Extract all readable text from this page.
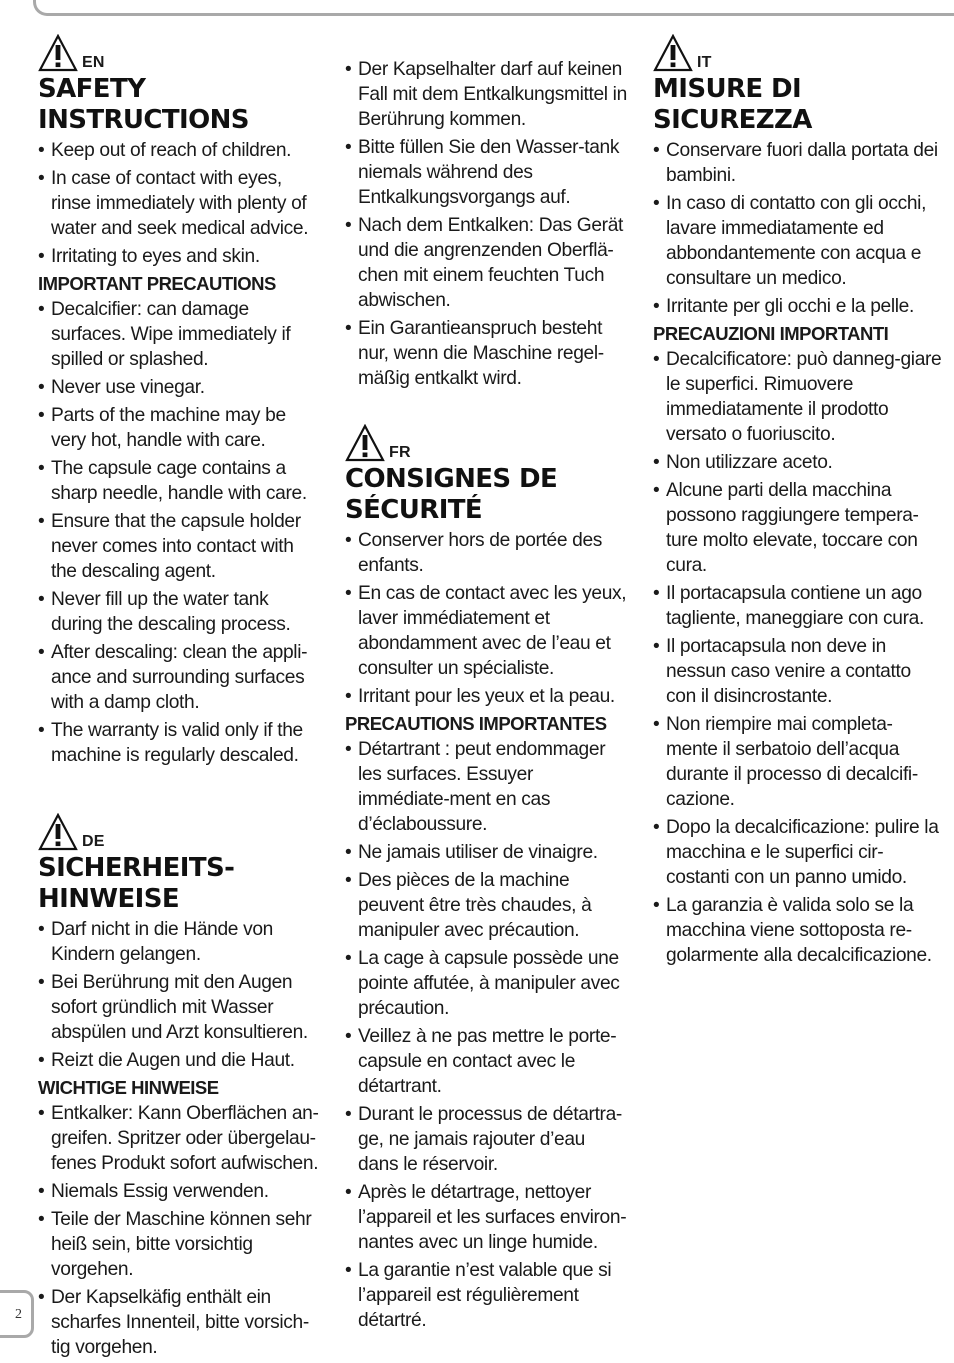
2
EN
SAFETY INSTRUCTIONS
• Keep out of reach of children.
• In case of contact with eyes, rinse immediately with plenty of water and seek medical advice.
• Irritating to eyes and skin.
IMPORTANT PRECAUTIONS
• Decalcifier: can damage surfaces. Wipe immediately if spilled or splashed.
• Never use vinegar.
• Parts of the machine may be very hot, handle with care.
• The capsule cage contains a sharp needle, handle with care.
• Ensure that the capsule holder never comes into contact with the descaling agent.
• Never fill up the water tank during the descaling process.
• After descaling: clean the appli-ance and surrounding surfaces with a damp cloth.
• The warranty is valid only if the machine is regularly descaled.
DE
SICHERHEITS-
HINWEISE
• Darf nicht in die Hände von Kindern gelangen.
• Bei Berührung mit den Augen sofort gründlich mit Wasser abspülen und Arzt konsultieren.
• Reizt die Augen und die Haut.
WICHTIGE HINWEISE
• Entkalker: Kann Oberflächen an-greifen. Spritzer oder übergelau-fenes Produkt sofort aufwischen.
• Niemals Essig verwenden.
• Teile der Maschine können sehr heiß sein, bitte vorsichtig vorgehen.
• Der Kapselkäfig enthält ein scharfes Innenteil, bitte vorsich-tig vorgehen.
• Der Kapselhalter darf auf keinen Fall mit dem Entkalkungsmittel in Berührung kommen.
• Bitte füllen Sie den Wasser-tank niemals während des Entkalkungsvorgangs auf.
• Nach dem Entkalken: Das Gerät und die angrenzenden Oberflä-chen mit einem feuchten Tuch abwischen.
• Ein Garantieanspruch besteht nur, wenn die Maschine regel-mäßig entkalkt wird.
FR
CONSIGNES DE
SÉCURITÉ
• Conserver hors de portée des enfants.
• En cas de contact avec les yeux, laver immédiatement et abondamment avec de l’eau et consulter un spécialiste.
• Irritant pour les yeux et la peau.
PRECAUTIONS IMPORTANTES
• Détartrant : peut endommager les surfaces. Essuyer immédiate-ment en cas d’éclaboussure.
• Ne jamais utiliser de vinaigre.
• Des pièces de la machine peuvent être très chaudes, à manipuler avec précaution.
• La cage à capsule possède une pointe affutée, à manipuler avec précaution.
• Veillez à ne pas mettre le porte-capsule en contact avec le détartrant.
• Durant le processus de détartra-ge, ne jamais rajouter d’eau dans le réservoir.
• Après le détartrage, nettoyer l’appareil et les surfaces environ-nantes avec un linge humide.
• La garantie n’est valable que si l’appareil est régulièrement détartré.
IT
MISURE DI SICUREZZA
• Conservare fuori dalla portata dei bambini.
• In caso di contatto con gli occhi, lavare immediatamente ed abbondantemente con acqua e consultare un medico.
• Irritante per gli occhi e la pelle.
PRECAUZIONI IMPORTANTI
• Decalcificatore: può danneg-giare le superfici. Rimuovere immediatamente il prodotto versato o fuoriuscito.
• Non utilizzare aceto.
• Alcune parti della macchina possono raggiungere tempera-ture molto elevate, toccare con cura.
• Il portacapsula contiene un ago tagliente, maneggiare con cura.
• Il portacapsula non deve in nessun caso venire a contatto con il disincrostante.
• Non riempire mai completa-mente il serbatoio dell’acqua durante il processo di decalcifi-cazione.
• Dopo la decalcificazione: pulire la macchina e le superfici cir-costanti con un panno umido.
• La garanzia è valida solo se la macchina viene sottoposta re-golarmente alla decalcificazione.
